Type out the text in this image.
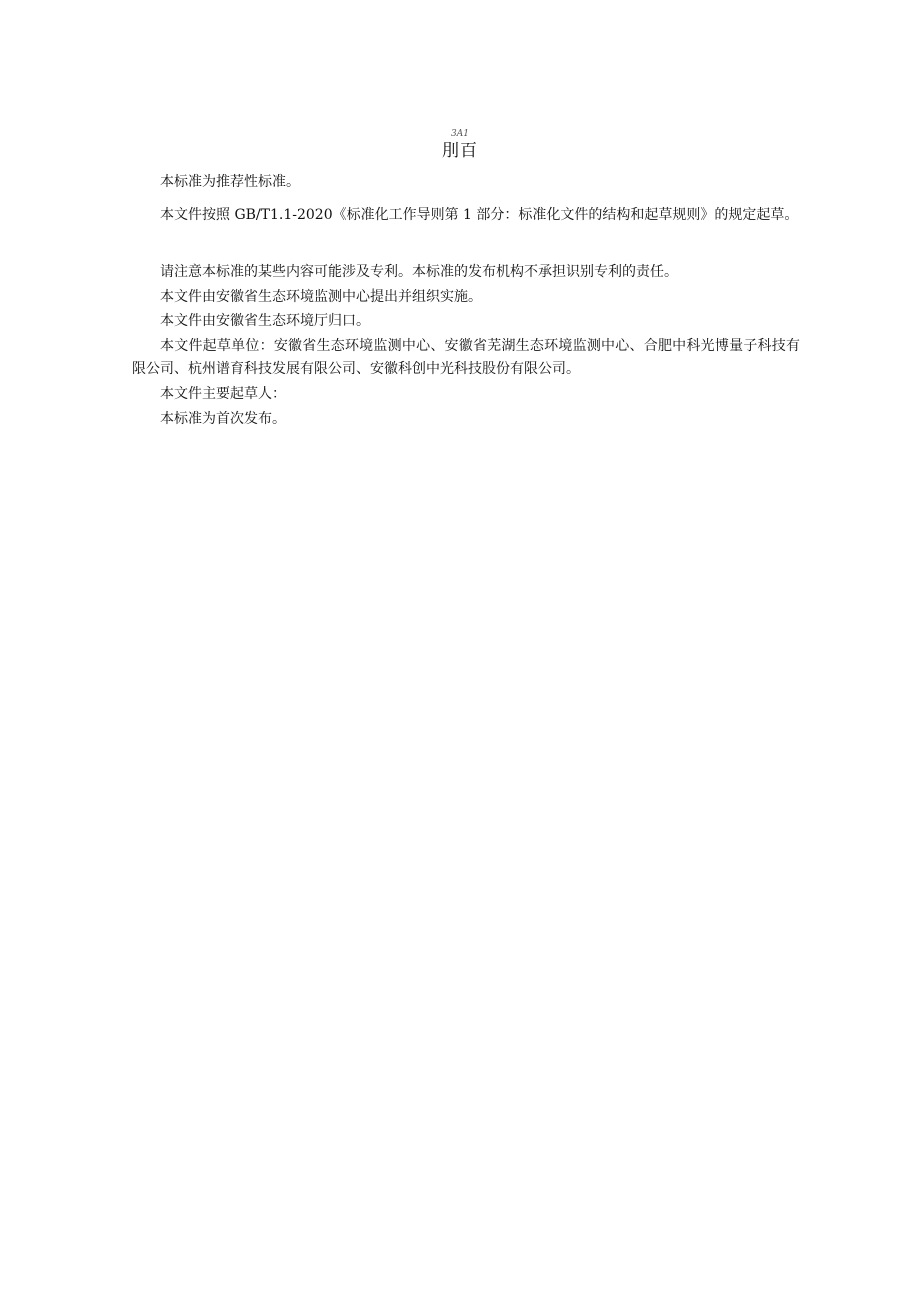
3A1
刖百

本标准为推荐性标准。

本文件按照 GB/T1.1-2020《标准化工作导则第 1 部分：标准化文件的结构和起草规则》的规定起草。

请注意本标准的某些内容可能涉及专利。本标准的发布机构不承担识别专利的责任。

本文件由安徽省生态环境监测中心提出并组织实施。

本文件由安徽省生态环境厅归口。

本文件起草单位：安徽省生态环境监测中心、安徽省芜湖生态环境监测中心、合肥中科光博量子科技有限公司、杭州谱育科技发展有限公司、安徽科创中光科技股份有限公司。

本文件主要起草人：

本标准为首次发布。
